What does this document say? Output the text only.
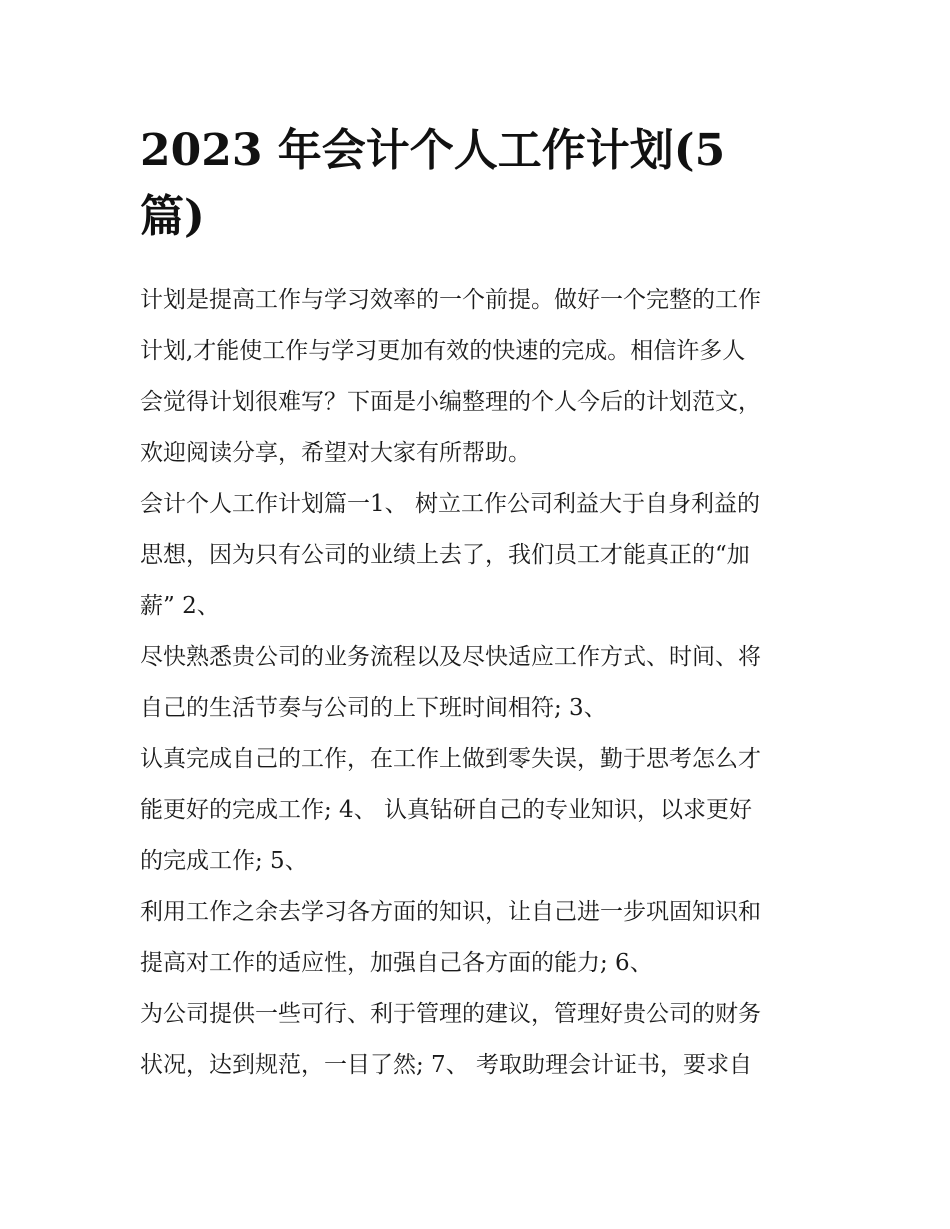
2023 年会计个人工作计划(5
篇)
计划是提高工作与学习效率的一个前提。做好一个完整的工作
计划,才能使工作与学习更加有效的快速的完成。相信许多人
会觉得计划很难写？下面是小编整理的个人今后的计划范文，
欢迎阅读分享，希望对大家有所帮助。
会计个人工作计划篇一1、 树立工作公司利益大于自身利益的
思想，因为只有公司的业绩上去了，我们员工才能真正的“加
薪” 2、
尽快熟悉贵公司的业务流程以及尽快适应工作方式、时间、将
自己的生活节奏与公司的上下班时间相符; 3、
认真完成自己的工作，在工作上做到零失误，勤于思考怎么才
能更好的完成工作; 4、 认真钻研自己的专业知识，以求更好
的完成工作; 5、
利用工作之余去学习各方面的知识，让自己进一步巩固知识和
提高对工作的适应性，加强自己各方面的能力; 6、
为公司提供一些可行、利于管理的建议，管理好贵公司的财务
状况，达到规范，一目了然; 7、 考取助理会计证书，要求自
